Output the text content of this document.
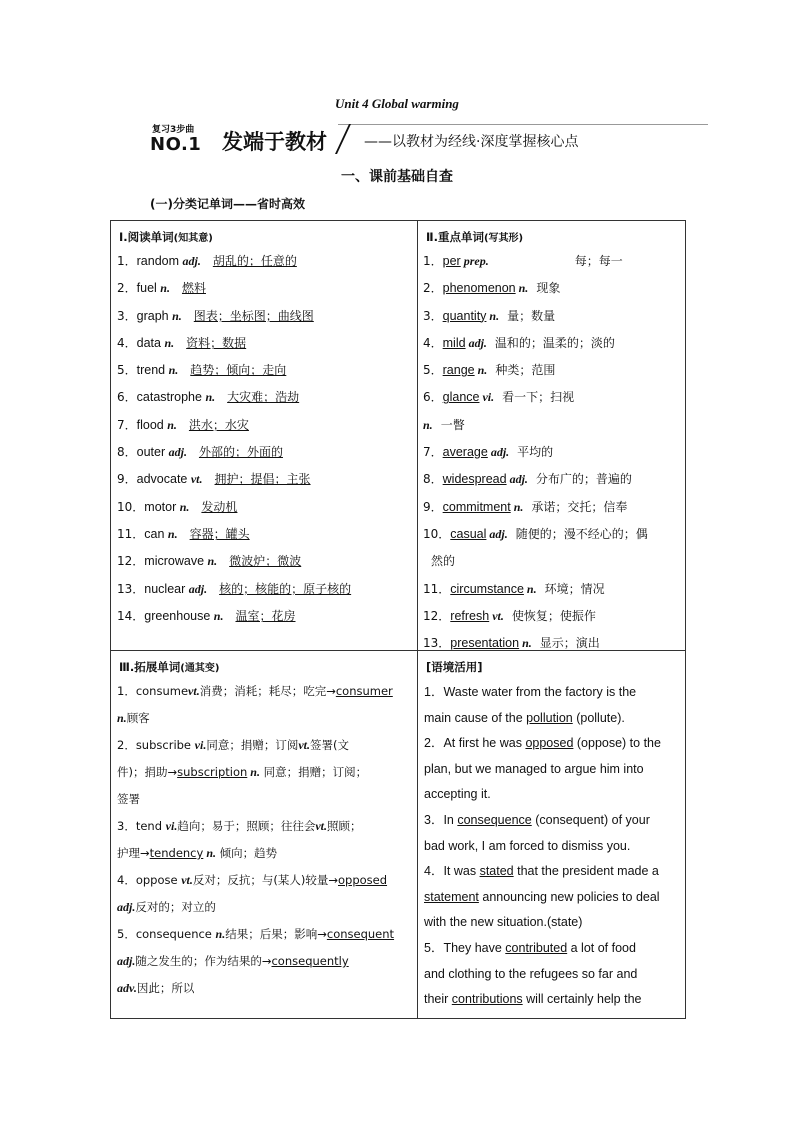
Unit 4 Global warming
复习3步曲
NO.1 发端于教材	——以教材为经线·深度掌握核心点
一、课前基础自查
(一)分类记单词——省时高效
Ⅰ.阅读单词(知其意)
1．random adj. 胡乱的；任意的
2．fuel n. 燃料
3．graph n. 图表；坐标图；曲线图
4．data n. 资料；数据
5．trend n. 趋势；倾向；走向
6．catastrophe n. 大灾难；浩劫
7．flood n. 洪水；水灾
8．outer adj. 外部的；外面的
9．advocate vt. 拥护；提倡；主张
10．motor n. 发动机
11．can n. 容器；罐头
12．microwave n. 微波炉；微波
13．nuclear adj. 核的；核能的；原子核的
14．greenhouse n. 温室；花房
Ⅱ.重点单词(写其形)
1．per prep.	每；每一
2．phenomenon n. 现象
3．quantity n. 量；数量
4．mild adj. 温和的；温柔的；淡的
5．range n. 种类；范围
6．glance vi. 看一下；扫视
n. 一瞥
7．average adj. 平均的
8．widespread adj. 分布广的；普遍的
9．commitment n. 承诺；交托；信奉
10．casual adj. 随便的；漫不经心的；偶
然的
11．circumstance n. 环境；情况
12．refresh vt. 使恢复；使振作
13．presentation n. 显示；演出
Ⅲ.拓展单词(通其变)
1．consumevt.消费；消耗；耗尽；吃完→consumer
n.顾客
2．subscribe vi.同意；捐赠；订阅vt.签署(文
件)；捐助→subscription n. 同意；捐赠；订阅；
签署
3．tend vi.趋向；易于；照顾；往往会vt.照顾；
护理→tendency n. 倾向；趋势
4．oppose vt.反对；反抗；与(某人)较量→opposed
adj.反对的；对立的
5．consequence n.结果；后果；影响→consequent
adj.随之发生的；作为结果的→consequently
adv.因此；所以
[语境活用]
1．Waste water from the factory is the
main cause of the pollution (pollute).
2．At first he was opposed (oppose) to the
plan, but we managed to argue him into
accepting it.
3．In consequence (consequent) of your
bad work, I am forced to dismiss you.
4．It was stated that the president made a
statement announcing new policies to deal
with the new situation.(state)
5．They have contributed a lot of food
and clothing to the refugees so far and
their contributions will certainly help the
